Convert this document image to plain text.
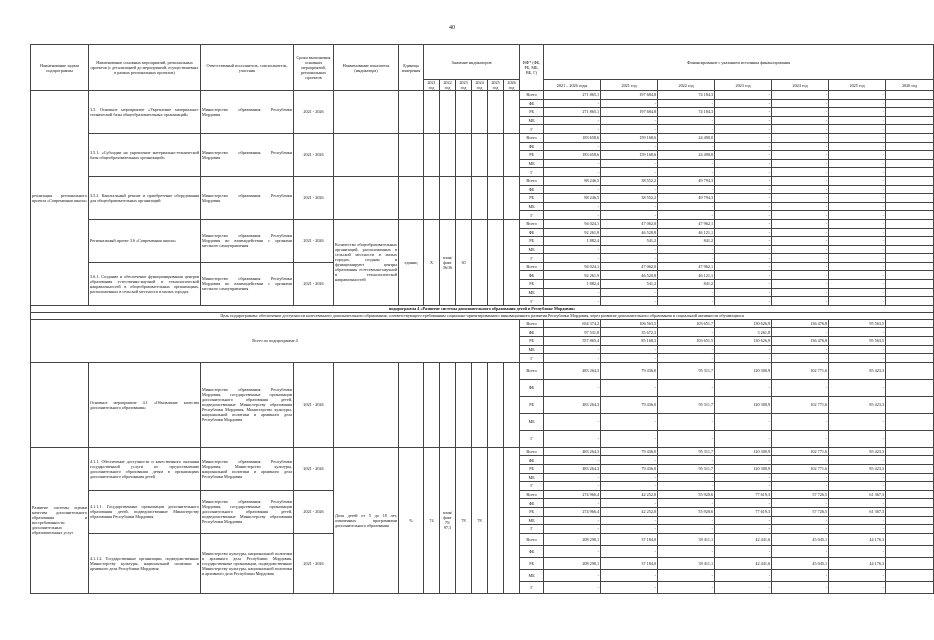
40
Наименование задачи подпрограммы	Наименование основных мероприятий, региональных проектов (с детализацией до мероприятий, осуществляемых в рамках региональных проектов)	Ответственный исполнитель, соисполнитель, участник	Сроки выполнения основных мероприятий, региональных проектов	Наименование показателя (индикатора)	Единица измерения	Значение индикаторов						ИФ* (ФБ, РБ, МБ, ВБ, Г)	Финансирование с указанием источника финансирования						
						2021 год	2022 год	2023 год	2024 год	2025 год	2026 год		2021 – 2026 годы	2021 год	2022 год	2023 год	2024 год	2025 год	2026 год
реализация регионального проекта «Современная школа»	3.5. Основное мероприятие «Укрепление материально-технической базы общеобразовательных организаций»	Министерство образования Республики Мордовия	2021 - 2026									Всего	271 865,1	197 684,8	74 184,3	-	-	-	
												ФБ	-	-	-	-	-	-	
												РБ	271 865,1	197 684,8	74 184,3	-	-	-	
												МБ	-	-	-	-	-	-	
												Г	-	-	-	-	-	-	
	3.5.1. «Субсидии на укрепление материально-технической базы общеобразовательных организаций»	Министерство образования Республики Мордовия	2021 - 2026									Всего	183 658,6	159 168,6	24 490,0	-	-	-	
												ФБ	-	-	-	-	-	-	
												РБ	183 658,6	159 168,6	24 490,0	-	-	-	
												МБ	-	-	-	-	-	-	
												Г	-	-	-	-	-	-	
	3.5.2. Капитальный ремонт и приобретение оборудования для общеобразовательных организаций	Министерство образования Республики Мордовия	2021 - 2026									Всего	88 246,5	38 552,2	49 794,3	-	-	-	
												ФБ	-	-	-	-	-	-	
												РБ	88 246,5	38 552,2	49 794,3	-	-	-	
												МБ	-	-	-	-	-	-	
												Г	-	-	-	-	-	-	
	Региональный проект 3.6 «Современная школа»	Министерство образования Республики Мордовия во взаимодействии с органами местного самоуправления	2021 - 2026	Количество общеобразовательных организаций, расположенных в сельской местности и малых городах, созданы и функционируют центры образования естественно-научной и технологической направленностей	единиц	Х	план/ факт 36/36	30				Всего	94 024,1	47 062,0	47 962,1	-	-	-	
												ФБ	92 261,9	46 520,8	46 121,1	-	-	-	
												РБ	1 882,4	541,2	841,2	-	-	-	
												МБ	-	-	-	-	-	-	
												Г	-	-	-	-	-	-	
	3.6.1. Создание и обеспечение функционирования центров образования естественно-научной и технологической направленностей в общеобразовательных организациях, расположенных в сельской местности и малых городах	Министерство образования Республики Мордовия во взаимодействии с органами местного самоуправления	2021 - 2026									Всего	94 024,1	47 062,0	47 962,1	-	-	-	
												ФБ	92 261,9	46 520,8	46 121,1	-	-	-	
												РБ	1 882,4	541,2	841,2	-	-	-	
												МБ	-	-	-	-	-	-	
												Г	-	-	-	-	-	-	
подпрограмма 4 «Развитие системы дополнительного образования детей в Республике Мордовия»																			
Цель подпрограммы: обеспечение доступности качественного дополнительного образования, соответствующего требованиям социально-ориентированного инновационного развития Республики Мордовия, через развитие дополнительного образования и социальной активности обучающихся																			
Всего по подпрограмме 4												Всего	654 374,2	106 563,5	103 651,7	130 626,9	136 476,8	95 563,5	
												ФБ	97 531,8	35 672,3	-	3 261,8	-	-	
												РБ	557 865,4	85 168,3	103 651,5	130 626,9	136 476,8	95 563,5	
												МБ	-	-	-	-	-	-	
												Г	-	-	-	-	-	-	
	Основное мероприятие 4.1 «Обновление качества дополнительного образования»	Министерство образования Республики Мордовия, государственные организации дополнительного образования детей, подведомственные Министерству образования Республики Мордовия, Министерство культуры, национальной политики и архивного дела Республики Мордовия	2021 - 2026									Всего	483 264,3	79 436,0	95 311,7	120 300,9	102 771,6	85 423,3	
												ФБ	-	-	-	-	-	-	
												РБ	483 264,3	79 436,0	95 311,7	120 300,9	102 771,6	85 423,3	
												МБ	-	-	-	-	-	-	
												Г	-	-	-	-	-	-	
Развитие системы оценки качества дополнительного образования и востребованности дополнительных образовательных услуг	4.1.1. Обеспечение доступности и качественного оказания государственной услуги по предоставлению дополнительного образования детям в организациях дополнительного образования детей	Министерство образования Республики Мордовия, Министерство культуры, национальной политики и архивного дела Республики Мордовия	2021 - 2026	Доля детей от 5 до 18 лет, охваченных программами дополнительного образования	%	74	план/ факт 75/ 97,3	78	78			Всего	483 264,3	79 436,0	95 311,7	120 300,9	102 771,6	85 423,3	
												ФБ	-	-	-	-	-	-	
												РБ	483 264,3	79 436,0	95 311,7	120 300,9	102 771,6	85 423,3	
												МБ	-	-	-	-	-	-	
												Г	-	-	-	-	-	-	
	4.1.1.1. Государственные организации дополнительного образования детей, подведомственные Министерству образования Республики Мордовия	Министерство образования Республики Мордовия, государственные организации дополнительного образования детей, подведомственные Министерству образования Республики Мордовия	2021 - 2026									Всего	274 966,4	42 252,0	55 920,6	77 619,3	57 726,5	61 367,3	
												ФБ	-	-	-	-	-	-	
												РБ	274 966,4	42 252,0	55 920,6	77 619,3	57 726,5	61 367,3	
												МБ	-	-	-	-	-	-	
												Г	-	-	-	-	-	-	
	4.1.1.2. Государственные организации, подведомственные Министерству культуры, национальной политики и архивного дела Республики Мордовия	Министерство культуры, национальной политики и архивного дела Республики Мордовия, государственные организации, подведомственные Министерству культуры, национальной политики и архивного дела Республики Мордовия	2021 - 2026									Всего	208 298,1	37 184,0	39 411,1	42 441,6	45 045,1	44 176,3	
												ФБ	-	-	-	-	-	-	
												РБ	208 298,1	37 184,0	39 411,1	42 441,6	45 045,1	44 176,3	
												МБ	-	-	-	-	-	-	
												Г	-	-	-	-	-	-	
